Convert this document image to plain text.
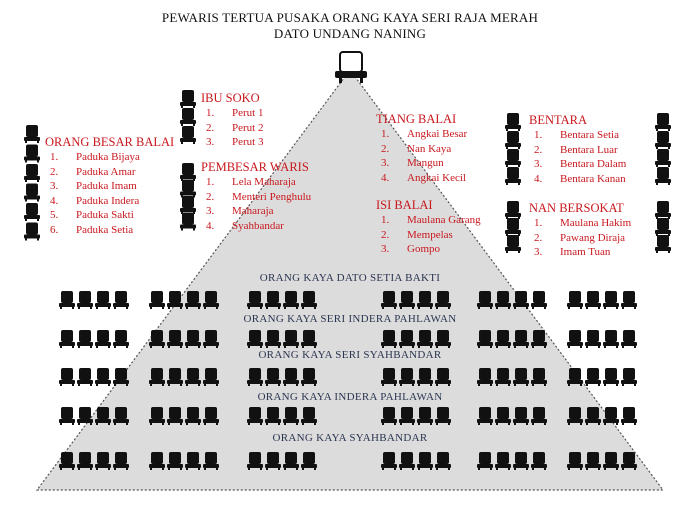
PEWARIS TERTUA PUSAKA ORANG KAYA SERI RAJA MERAH
DATO UNDANG NANING
IBU SOKO
1. Perut 1
2. Perut 2
3. Perut 3
ORANG BESAR BALAI
1. Paduka Bijaya
2. Paduka Amar
3. Paduka Imam
4. Paduka Indera
5. Paduka Sakti
6. Paduka Setia
PEMBESAR WARIS
1. Lela Maharaja
2. Menteri Penghulu
3. Maharaja
4. Syahbandar
TIANG BALAI
1. Angkai Besar
2. Nan Kaya
3. Mangun
4. Angkai Kecil
ISI BALAI
1. Maulana Garang
2. Mempelas
3. Gompo
BENTARA
1. Bentara Setia
2. Bentara Luar
3. Bentara Dalam
4. Bentara Kanan
NAN BERSOKAT
1. Maulana Hakim
2. Pawang Diraja
3. Imam Tuan
ORANG KAYA DATO SETIA BAKTI
ORANG KAYA SERI INDERA PAHLAWAN
ORANG KAYA SERI SYAHBANDAR
ORANG KAYA INDERA PAHLAWAN
ORANG KAYA SYAHBANDAR
